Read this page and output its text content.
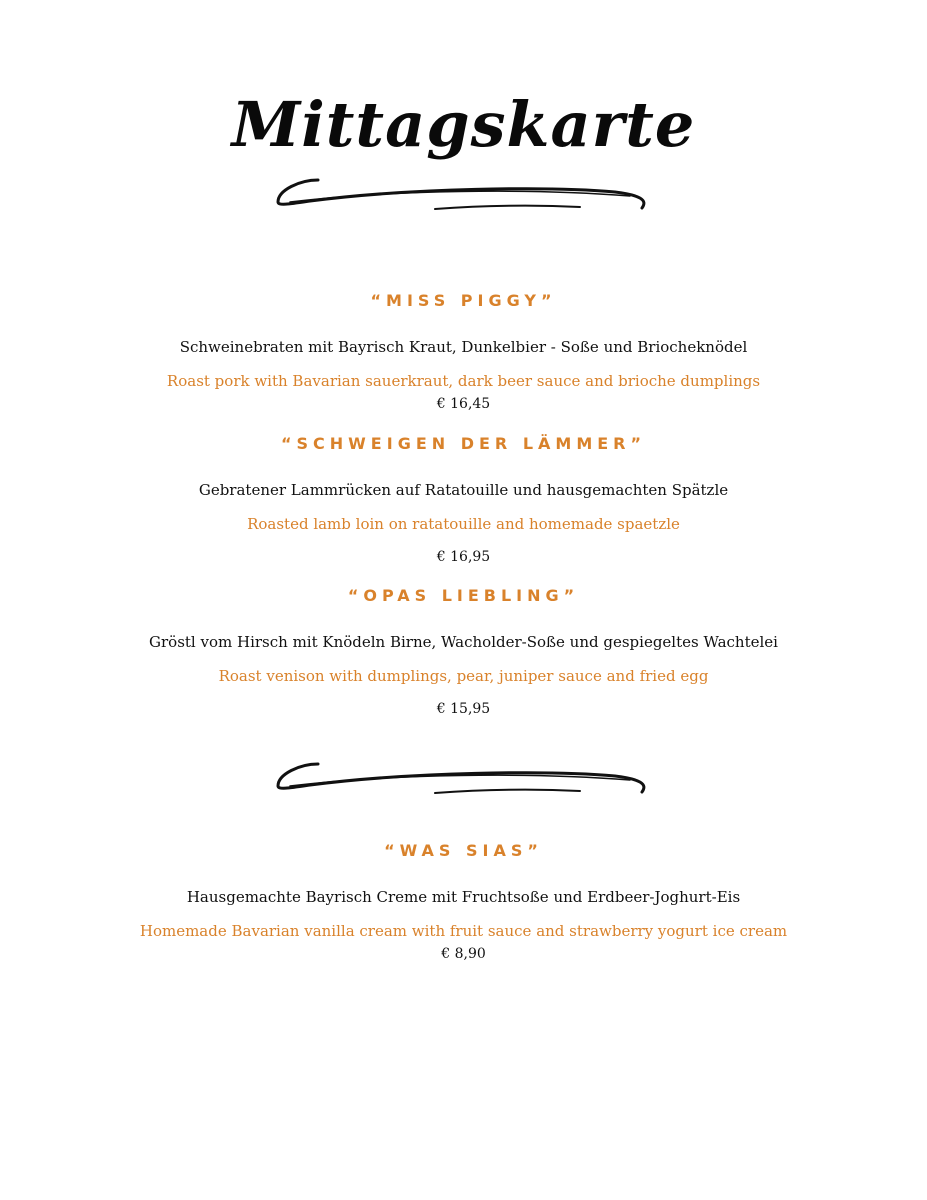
Mittagskarte
“MISS PIGGY”
Schweinebraten mit Bayrisch Kraut, Dunkelbier - Soße und Briocheknödel
Roast pork with Bavarian sauerkraut, dark beer sauce and brioche dumplings
€ 16,45
“SCHWEIGEN DER LÄMMER”
Gebratener Lammrücken auf Ratatouille und hausgemachten Spätzle
Roasted lamb loin on ratatouille and homemade spaetzle
€ 16,95
“OPAS LIEBLING”
Gröstl vom Hirsch mit Knödeln Birne, Wacholder-Soße und gespiegeltes Wachtelei
Roast venison with dumplings, pear, juniper sauce and fried egg
€ 15,95
“WAS SIAS”
Hausgemachte Bayrisch Creme mit Fruchtsoße und Erdbeer-Joghurt-Eis
Homemade Bavarian vanilla cream with fruit sauce and strawberry yogurt ice cream
€ 8,90
